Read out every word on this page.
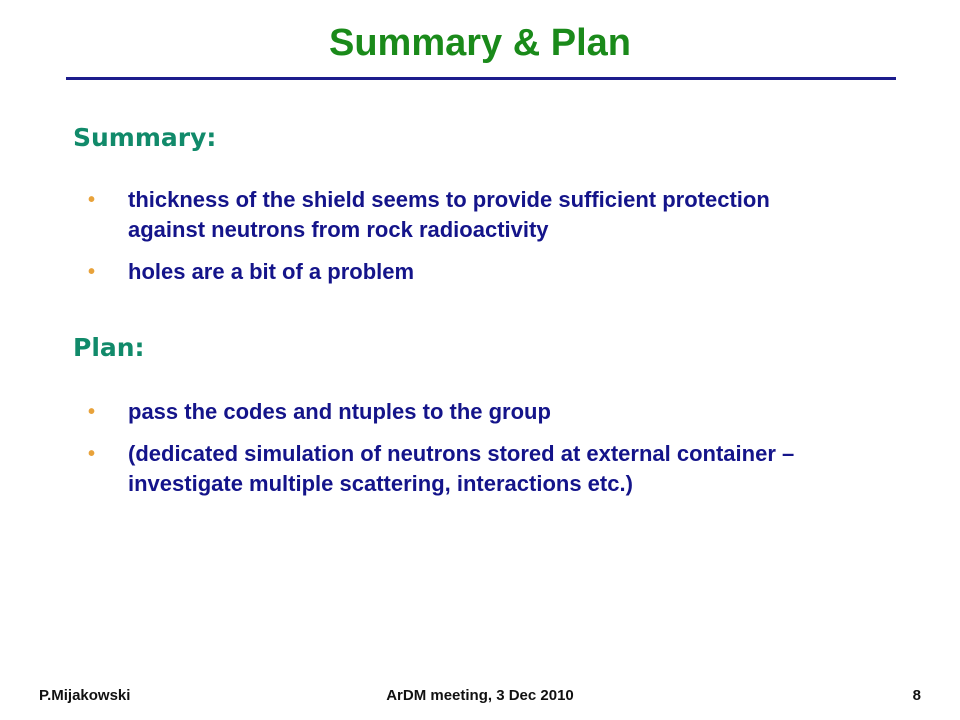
Summary & Plan
Summary:
• thickness of the shield seems to provide sufficient protection against neutrons from rock radioactivity
• holes are a bit of a problem
Plan:
• pass the codes and ntuples to the group
• (dedicated simulation of neutrons stored at external container – investigate multiple scattering, interactions etc.)
P.Mijakowski	ArDM meeting, 3 Dec 2010	8
